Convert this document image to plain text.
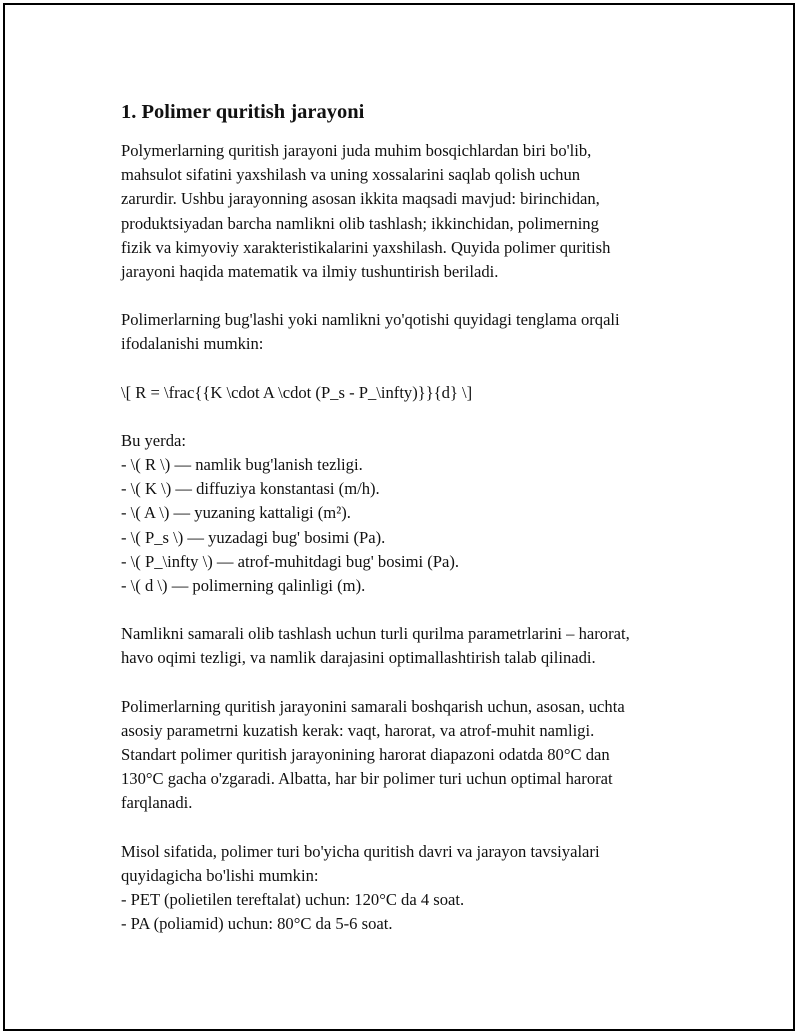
1. Polimer quritish jarayoni

Polymerlarning quritish jarayoni juda muhim bosqichlardan biri bo'lib,
mahsulot sifatini yaxshilash va uning xossalarini saqlab qolish uchun
zarurdir. Ushbu jarayonning asosan ikkita maqsadi mavjud: birinchidan,
produktsiyadan barcha namlikni olib tashlash; ikkinchidan, polimerning
fizik va kimyoviy xarakteristikalarini yaxshilash. Quyida polimer quritish
jarayoni haqida matematik va ilmiy tushuntirish beriladi.

Polimerlarning bug'lashi yoki namlikni yo'qotishi quyidagi tenglama orqali
ifodalanishi mumkin:

\[ R = \frac{{K \cdot A \cdot (P_s - P_\infty)}}{d} \]

Bu yerda:
- \( R \) — namlik bug'lanish tezligi.
- \( K \) — diffuziya konstantasi (m/h).
- \( A \) — yuzaning kattaligi (m²).
- \( P_s \) — yuzadagi bug' bosimi (Pa).
- \( P_\infty \) — atrof-muhitdagi bug' bosimi (Pa).
- \( d \) — polimerning qalinligi (m).

Namlikni samarali olib tashlash uchun turli qurilma parametrlarini – harorat,
havo oqimi tezligi, va namlik darajasini optimallashtirish talab qilinadi.

Polimerlarning quritish jarayonini samarali boshqarish uchun, asosan, uchta
asosiy parametrni kuzatish kerak: vaqt, harorat, va atrof-muhit namligi.
Standart polimer quritish jarayonining harorat diapazoni odatda 80°C dan
130°C gacha o'zgaradi. Albatta, har bir polimer turi uchun optimal harorat
farqlanadi.

Misol sifatida, polimer turi bo'yicha quritish davri va jarayon tavsiyalari
quyidagicha bo'lishi mumkin:
- PET (polietilen tereftalat) uchun: 120°C da 4 soat.
- PA (poliamid) uchun: 80°C da 5-6 soat.
